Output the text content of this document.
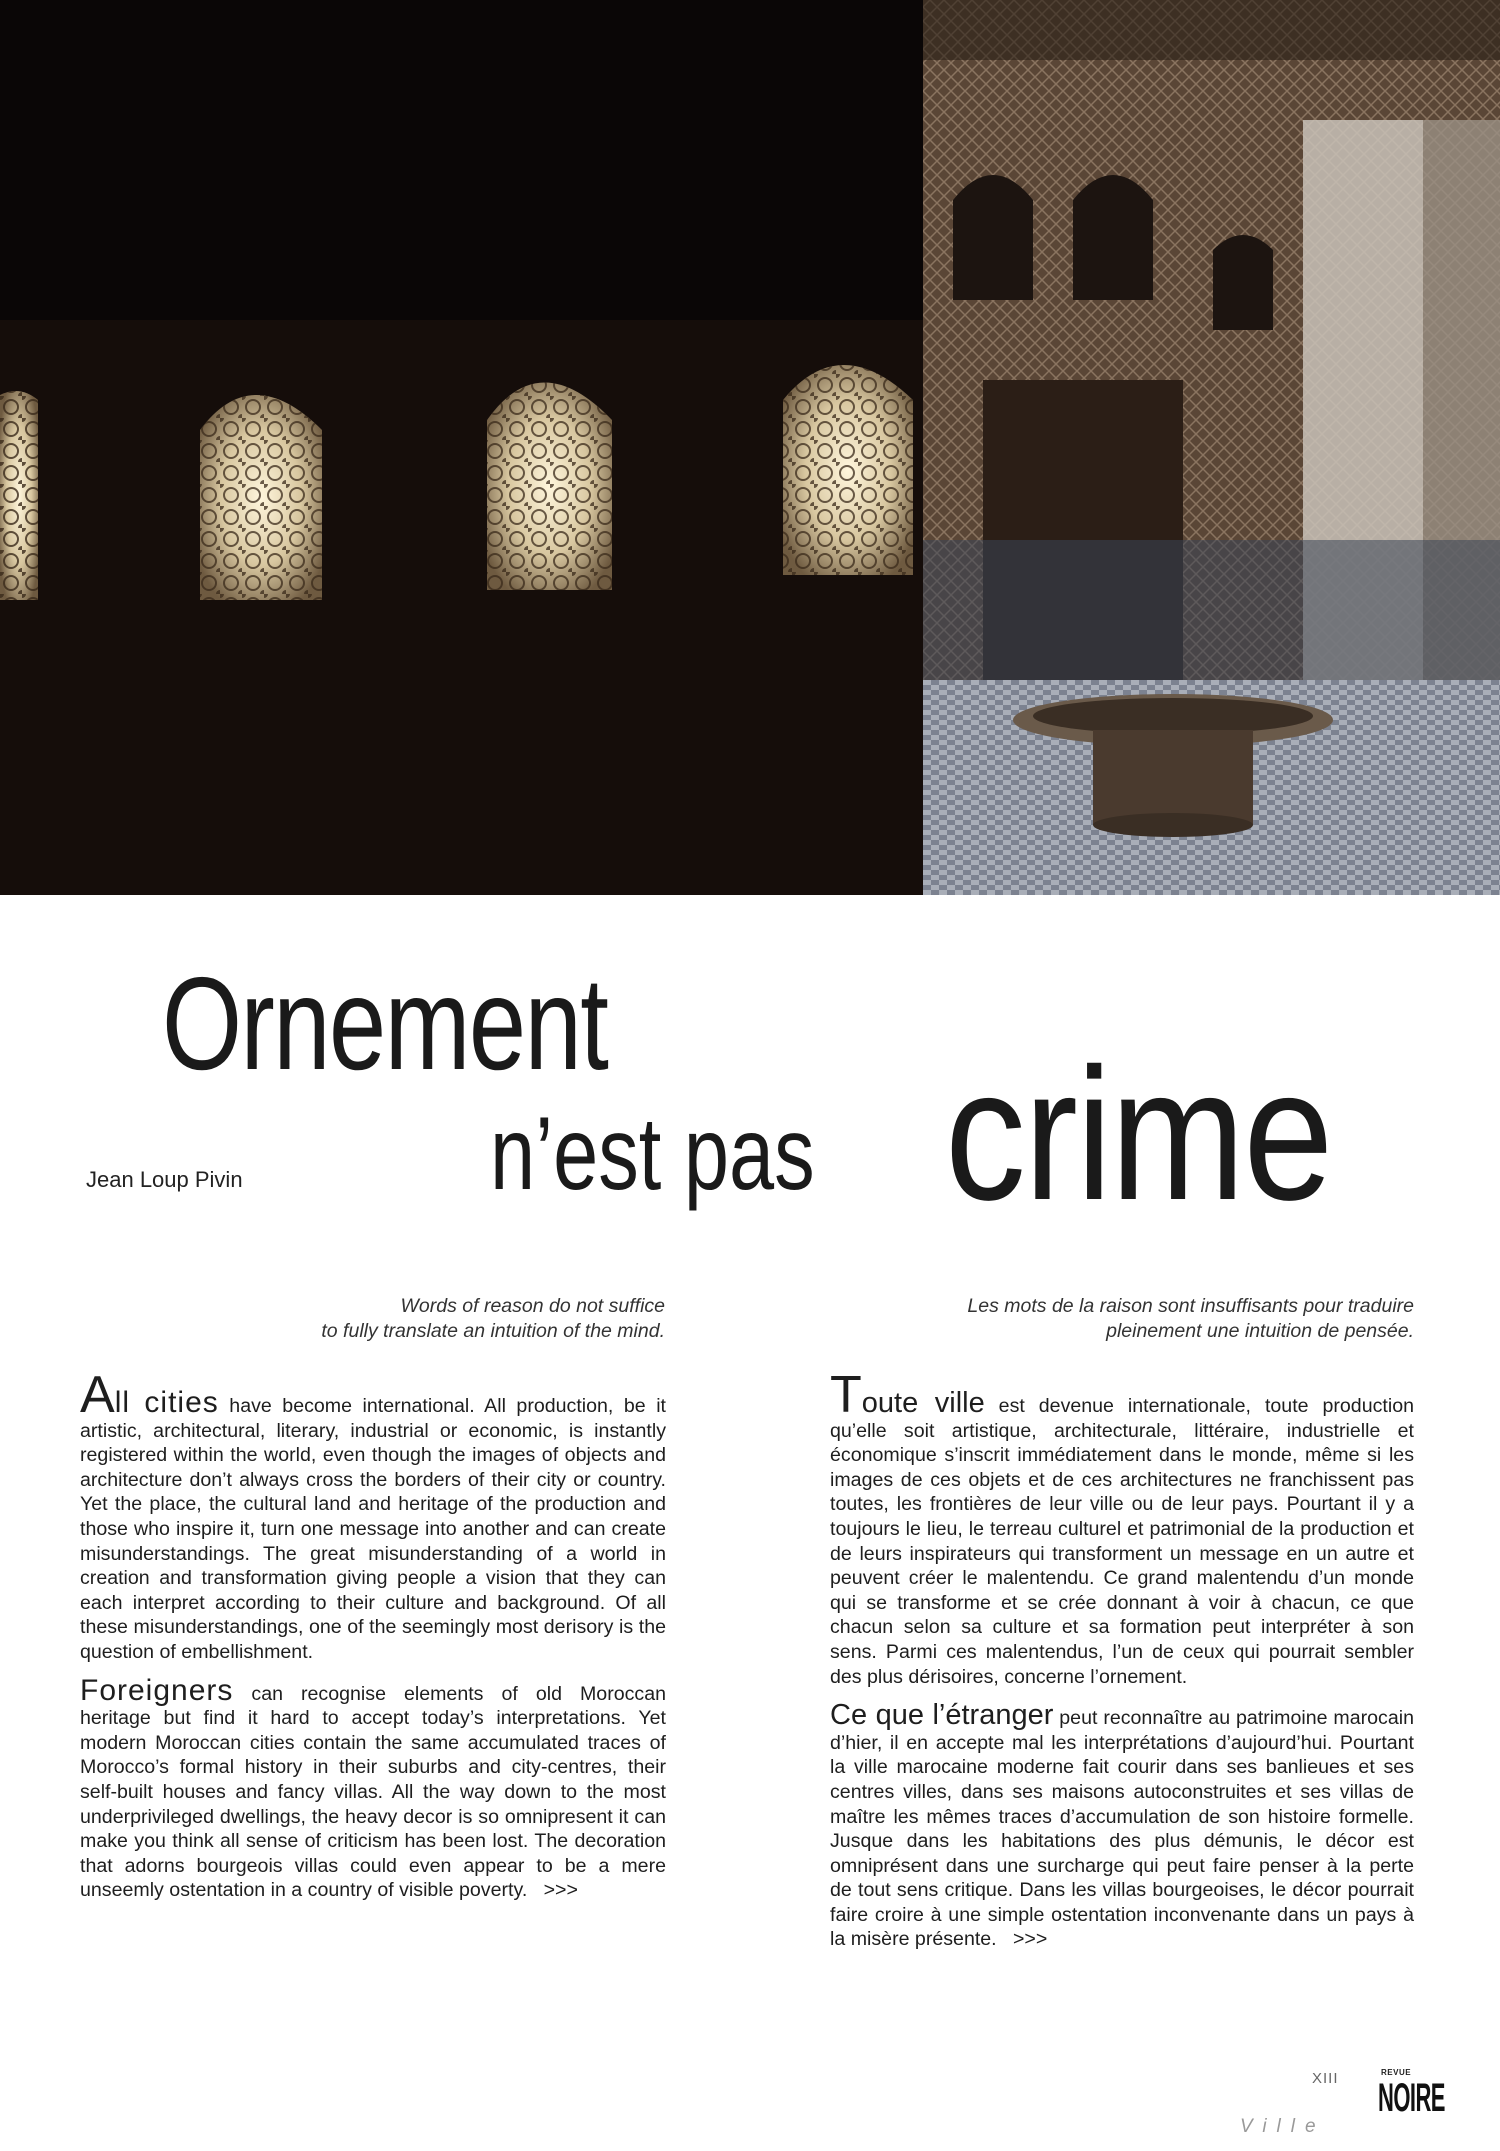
Ornement
n’est pas crime
Jean Loup Pivin
Words of reason do not suffice
to fully translate an intuition of the mind.
Les mots de la raison sont insuffisants pour traduire
pleinement une intuition de pensée.

All cities have become international. All production, be it artistic, architectural, literary, industrial or economic, is instantly registered within the world, even though the images of objects and architecture don’t always cross the borders of their city or country. Yet the place, the cultural land and heritage of the production and those who inspire it, turn one message into another and can create misunderstandings. The great misunderstanding of a world in creation and transformation giving people a vision that they can each interpret according to their culture and background. Of all these misunderstandings, one of the seemingly most derisory is the question of embellishment.

Foreigners can recognise elements of old Moroccan heritage but find it hard to accept today’s interpretations. Yet modern Moroccan cities contain the same accumulated traces of Morocco’s formal history in their suburbs and city-centres, their self-built houses and fancy villas. All the way down to the most underprivileged dwellings, the heavy decor is so omnipresent it can make you think all sense of criticism has been lost. The decoration that adorns bourgeois villas could even appear to be a mere unseemly ostentation in a country of visible poverty. >>>

Toute ville est devenue internationale, toute production qu’elle soit artistique, architecturale, littéraire, industrielle et économique s’inscrit immédiatement dans le monde, même si les images de ces objets et de ces architectures ne franchissent pas toutes, les frontières de leur ville ou de leur pays. Pourtant il y a toujours le lieu, le terreau culturel et patrimonial de la production et de leurs inspirateurs qui transforment un message en un autre et peuvent créer le malentendu. Ce grand malentendu d’un monde qui se transforme et se crée donnant à voir à chacun, ce que chacun selon sa culture et sa formation peut interpréter à son sens. Parmi ces malentendus, l’un de ceux qui pourrait sembler des plus dérisoires, concerne l’ornement.

Ce que l’étranger peut reconnaître au patrimoine marocain d’hier, il en accepte mal les interprétations d’aujourd’hui. Pourtant la ville marocaine moderne fait courir dans ses banlieues et ses centres villes, dans ses maisons autoconstruites et ses villas de maître les mêmes traces d’accumulation de son histoire formelle. Jusque dans les habitations des plus démunis, le décor est omniprésent dans une surcharge qui peut faire penser à la perte de tout sens critique. Dans les villas bourgeoises, le décor pourrait faire croire à une simple ostentation inconvenante dans un pays à la misère présente. >>>

XIII
Ville
REVUE
NOIRE
